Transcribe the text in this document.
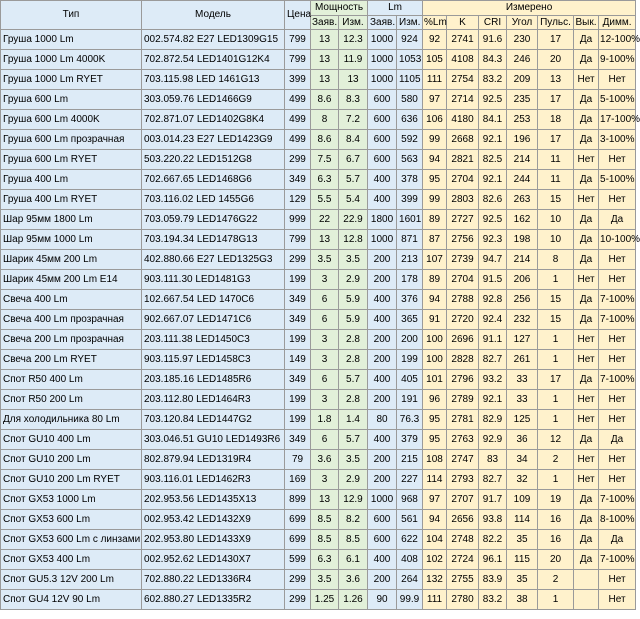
Тип	Модель	Цена	Мощность		Lm		Измерено						
			Заяв.	Изм.	Заяв.	Изм.	%Lm	K	CRI	Угол	Пульс.	Вык.	Димм.
Груша 1000 Lm	002.574.82 E27 LED1309G15	799	13	12.3	1000	924	92	2741	91.6	230	17	Да	12-100%
Груша 1000 Lm 4000K	702.872.54 LED1401G12K4	799	13	11.9	1000	1053	105	4108	84.3	246	20	Да	9-100%
Груша 1000 Lm RYET	703.115.98 LED 1461G13	399	13	13	1000	1105	111	2754	83.2	209	13	Нет	Нет
Груша 600 Lm	303.059.76 LED1466G9	499	8.6	8.3	600	580	97	2714	92.5	235	17	Да	5-100%
Груша 600 Lm 4000K	702.871.07 LED1402G8K4	499	8	7.2	600	636	106	4180	84.1	253	18	Да	17-100%
Груша 600 Lm прозрачная	003.014.23 E27 LED1423G9	499	8.6	8.4	600	592	99	2668	92.1	196	17	Да	3-100%
Груша 600 Lm RYET	503.220.22 LED1512G8	299	7.5	6.7	600	563	94	2821	82.5	214	11	Нет	Нет
Груша 400 Lm	702.667.65 LED1468G6	349	6.3	5.7	400	378	95	2704	92.1	244	11	Да	5-100%
Груша 400 Lm RYET	703.116.02 LED 1455G6	129	5.5	5.4	400	399	99	2803	82.6	263	15	Нет	Нет
Шар 95мм 1800 Lm	703.059.79 LED1476G22	999	22	22.9	1800	1601	89	2727	92.5	162	10	Да	Да
Шар 95мм 1000 Lm	703.194.34 LED1478G13	799	13	12.8	1000	871	87	2756	92.3	198	10	Да	10-100%
Шарик 45мм 200 Lm	402.880.66 E27 LED1325G3	299	3.5	3.5	200	213	107	2739	94.7	214	8	Да	Нет
Шарик 45мм 200 Lm E14	903.111.30 LED1481G3	199	3	2.9	200	178	89	2704	91.5	206	1	Нет	Нет
Свеча 400 Lm	102.667.54 LED 1470C6	349	6	5.9	400	376	94	2788	92.8	256	15	Да	7-100%
Свеча 400 Lm прозрачная	902.667.07 LED1471C6	349	6	5.9	400	365	91	2720	92.4	232	15	Да	7-100%
Свеча 200 Lm прозрачная	203.111.38 LED1450C3	199	3	2.8	200	200	100	2696	91.1	127	1	Нет	Нет
Свеча 200 Lm RYET	903.115.97 LED1458C3	149	3	2.8	200	199	100	2828	82.7	261	1	Нет	Нет
Спот R50 400 Lm	203.185.16 LED1485R6	349	6	5.7	400	405	101	2796	93.2	33	17	Да	7-100%
Спот R50 200 Lm	203.112.80 LED1464R3	199	3	2.8	200	191	96	2789	92.1	33	1	Нет	Нет
Для холодильника 80 Lm	703.120.84 LED1447G2	199	1.8	1.4	80	76.3	95	2781	82.9	125	1	Нет	Нет
Спот GU10 400 Lm	303.046.51 GU10 LED1493R6	349	6	5.7	400	379	95	2763	92.9	36	12	Да	Да
Спот GU10 200 Lm	802.879.94 LED1319R4	79	3.6	3.5	200	215	108	2747	83	34	2	Нет	Нет
Спот GU10 200 Lm RYET	903.116.01 LED1462R3	169	3	2.9	200	227	114	2793	82.7	32	1	Нет	Нет
Спот GX53 1000 Lm	202.953.56 LED1435X13	899	13	12.9	1000	968	97	2707	91.7	109	19	Да	7-100%
Спот GX53 600 Lm	002.953.42 LED1432X9	699	8.5	8.2	600	561	94	2656	93.8	114	16	Да	8-100%
Спот GX53 600 Lm с линзами	202.953.80 LED1433X9	699	8.5	8.5	600	622	104	2748	82.2	35	16	Да	Да
Спот GX53 400 Lm	002.952.62 LED1430X7	599	6.3	6.1	400	408	102	2724	96.1	115	20	Да	7-100%
Спот GU5.3 12V 200 Lm	702.880.22 LED1336R4	299	3.5	3.6	200	264	132	2755	83.9	35	2		Нет
Спот GU4 12V 90 Lm	602.880.27 LED1335R2	299	1.25	1.26	90	99.9	111	2780	83.2	38	1		Нет
